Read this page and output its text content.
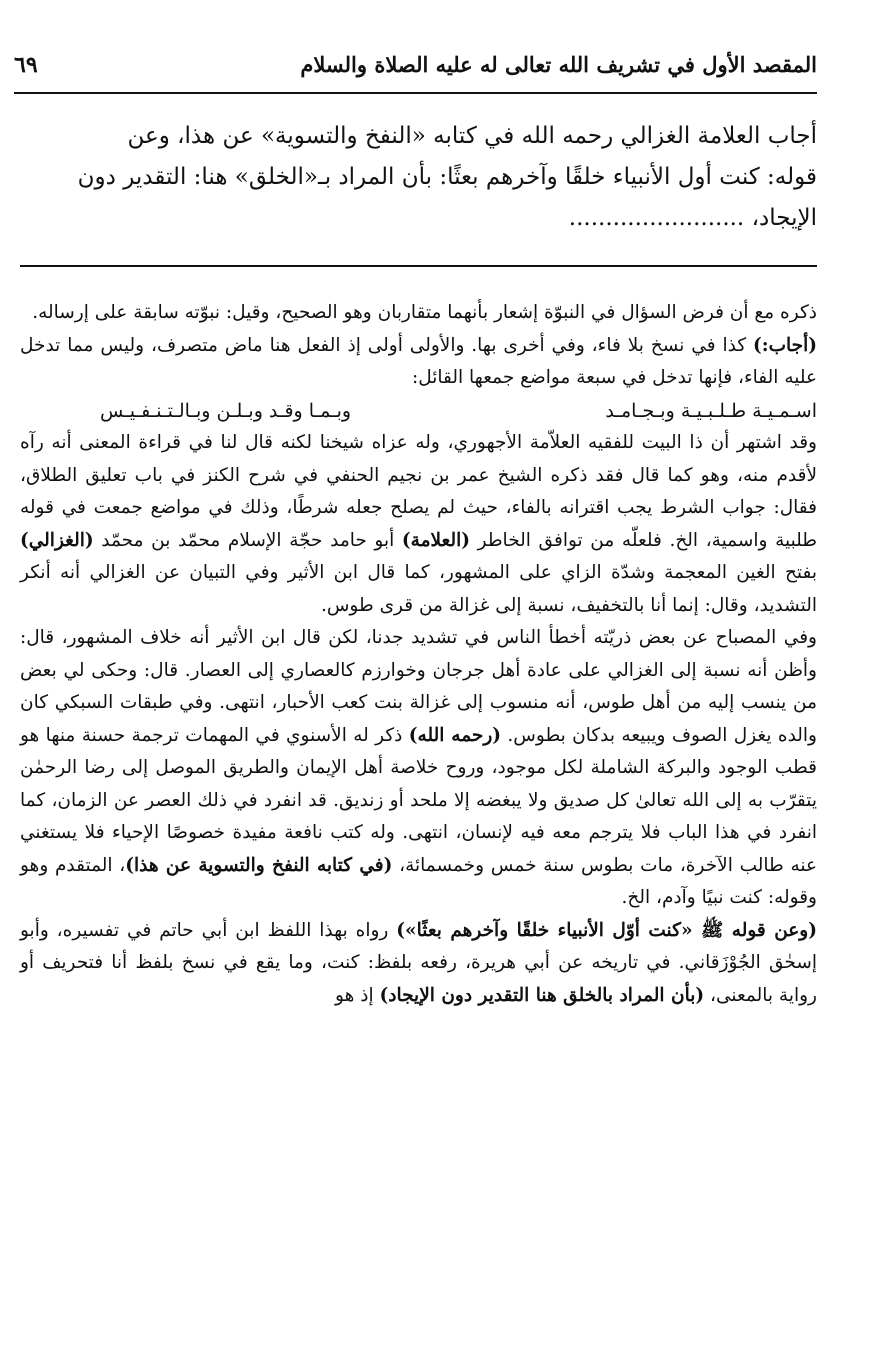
المقصد الأول في تشريف الله تعالى له عليه الصلاة والسلام
٦٩

أجاب العلامة الغزالي رحمه الله في كتابه «النفخ والتسوية» عن هذا، وعن

قوله: كنت أول الأنبياء خلقًا وآخرهم بعثًا: بأن المراد بـ«الخلق» هنا: التقدير دون

الإيجاد، ........................

ذكره مع أن فرض السؤال في النبوّة إشعار بأنهما متقاربان وهو الصحيح، وقيل: نبوّته سابقة على إرساله.

(أجاب:) كذا في نسخ بلا فاء، وفي أخرى بها. والأولى أولى إذ الفعل هنا ماض متصرف، وليس مما تدخل عليه الفاء، فإنها تدخل في سبعة مواضع جمعها القائل:

اسـمـيـة طـلـبـيـة وبـجـامـد
وبـمـا وقـد وبـلـن وبـالـتـنـفـيـس

وقد اشتهر أن ذا البيت للفقيه العلاّمة الأجهوري، وله عزاه شيخنا لكنه قال لنا في قراءة المعنى أنه رآه لأقدم منه، وهو كما قال فقد ذكره الشيخ عمر بن نجيم الحنفي في شرح الكنز في باب تعليق الطلاق، فقال: جواب الشرط يجب اقترانه بالفاء، حيث لم يصلح جعله شرطًا، وذلك في مواضع جمعت في قوله طلبية واسمية، الخ. فلعلّه من توافق الخاطر (العلامة) أبو حامد حجّة الإسلام محمّد بن محمّد (الغزالي) بفتح الغين المعجمة وشدّة الزاي على المشهور، كما قال ابن الأثير وفي التبيان عن الغزالي أنه أنكر التشديد، وقال: إنما أنا بالتخفيف، نسبة إلى غزالة من قرى طوس.

وفي المصباح عن بعض ذريّته أخطأ الناس في تشديد جدنا، لكن قال ابن الأثير أنه خلاف المشهور، قال: وأظن أنه نسبة إلى الغزالي على عادة أهل جرجان وخوارزم كالعصاري إلى العصار. قال: وحكى لي بعض من ينسب إليه من أهل طوس، أنه منسوب إلى غزالة بنت كعب الأحبار، انتهى. وفي طبقات السبكي كان والده يغزل الصوف ويبيعه بدكان بطوس. (رحمه الله) ذكر له الأسنوي في المهمات ترجمة حسنة منها هو قطب الوجود والبركة الشاملة لكل موجود، وروح خلاصة أهل الإيمان والطريق الموصل إلى رضا الرحمٰن يتقرّب به إلى الله تعالىٰ كل صديق ولا يبغضه إلا ملحد أو زنديق. قد انفرد في ذلك العصر عن الزمان، كما انفرد في هذا الباب فلا يترجم معه فيه لإنسان، انتهى. وله كتب نافعة مفيدة خصوصًا الإحياء فلا يستغني عنه طالب الآخرة، مات بطوس سنة خمس وخمسمائة، (في كتابه النفخ والتسوية عن هذا)، المتقدم وهو وقوله: كنت نبيًا وآدم، الخ.

(وعن قوله ﷺ «كنت أوّل الأنبياء خلقًا وآخرهم بعثًا») رواه بهذا اللفظ ابن أبي حاتم في تفسيره، وأبو إسحٰق الجُوْزَقاني. في تاريخه عن أبي هريرة، رفعه بلفظ: كنت، وما يقع في نسخ بلفظ أنا فتحريف أو رواية بالمعنى، (بأن المراد بالخلق هنا التقدير دون الإيجاد) إذ هو
